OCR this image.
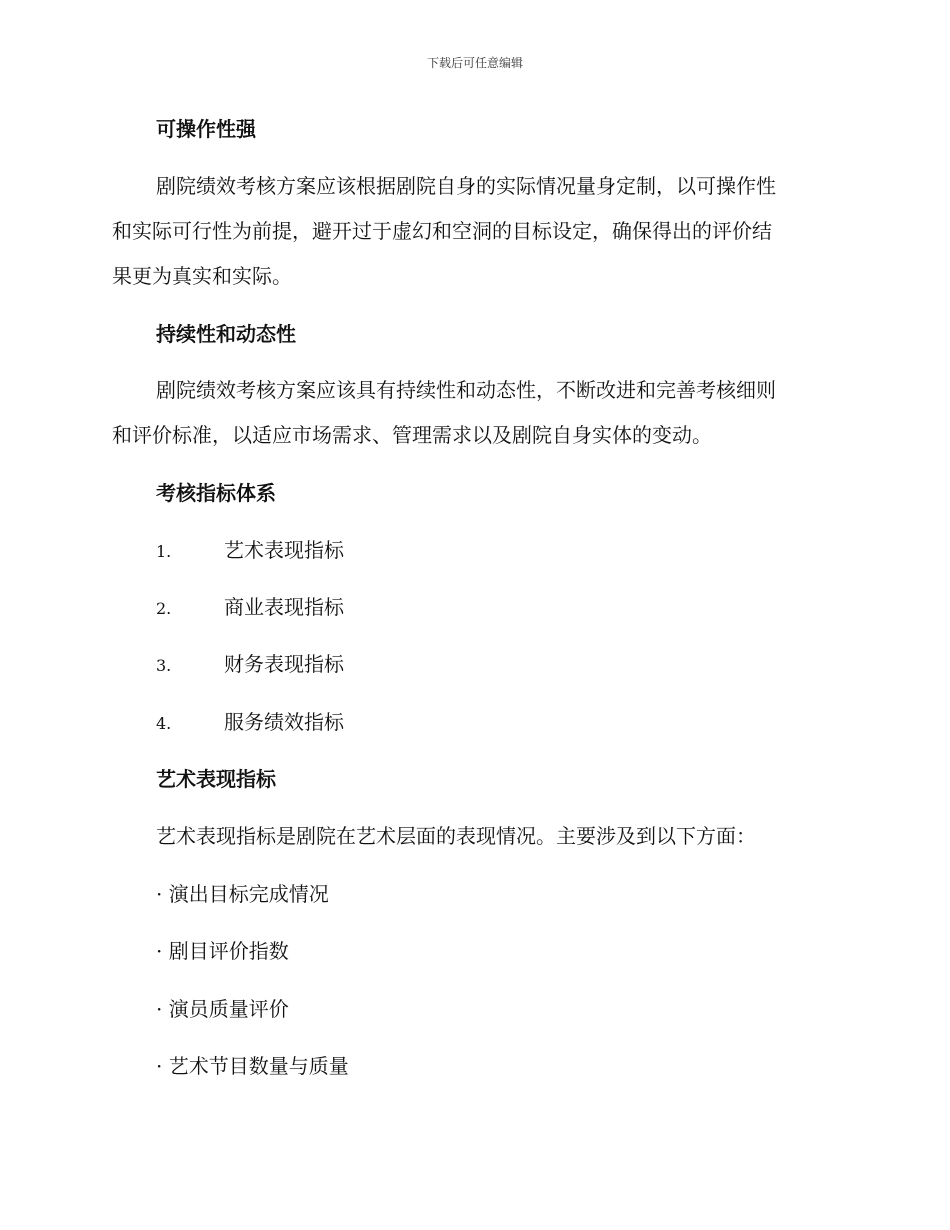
下载后可任意编辑
可操作性强
剧院绩效考核方案应该根据剧院自身的实际情况量身定制，以可操作性
和实际可行性为前提，避开过于虚幻和空洞的目标设定，确保得出的评价结
果更为真实和实际。
持续性和动态性
剧院绩效考核方案应该具有持续性和动态性，不断改进和完善考核细则
和评价标准，以适应市场需求、管理需求以及剧院自身实体的变动。
考核指标体系
1.	艺术表现指标
2.	商业表现指标
3.	财务表现指标
4.	服务绩效指标
艺术表现指标
艺术表现指标是剧院在艺术层面的表现情况。主要涉及到以下方面：
· 演出目标完成情况
· 剧目评价指数
· 演员质量评价
· 艺术节目数量与质量
